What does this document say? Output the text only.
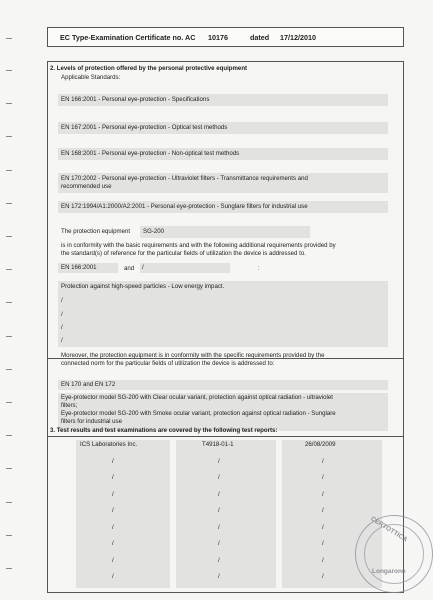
EC Type-Examination Certificate no. AC 10176	dated 17/12/2010
2. Levels of protection offered by the personal protective equipment
Applicable Standards:
EN 166:2001 - Personal eye-protection - Specifications
EN 167:2001 - Personal eye-protection - Optical test methods
EN 168:2001 - Personal eye-protection - Non-optical test methods
EN 170:2002 - Personal eye-protection - Ultraviolet filters - Transmittance requirements and
recommended use
EN 172:1994/A1:2000/A2:2001 - Personal eye-protection - Sunglare filters for industrial use
The protection equipment SG-200
is in conformity with the basic requirements and with the following additional requirements provided by
the standard(s) of reference for the particular fields of utilization the device is addressed to.
EN 166:2001	and /	:
Protection against high-speed particles - Low energy impact.
/
/
/
/
Moreover, the protection equipment is in conformity with the specific requirements provided by the
connected norm for the particular fields of utilization the device is addressed to:
EN 170 and EN 172
Eye-protector model SG-200 with Clear ocular variant, protection against optical radiation - ultraviolet
filters;
Eye-protector model SG-200 with Smoke ocular variant, protection against optical radiation - Sunglare
filters for industrial use
3. Test results and test examinations are covered by the following test reports:
ICS Laboratories Inc.	T4918-01-1	26/08/2009
/	/	/
/	/	/
/	/	/
/	/	/
/	/	/
/	/	/
/	/	/
/	/	/
CERTOTTICA
Longarone
